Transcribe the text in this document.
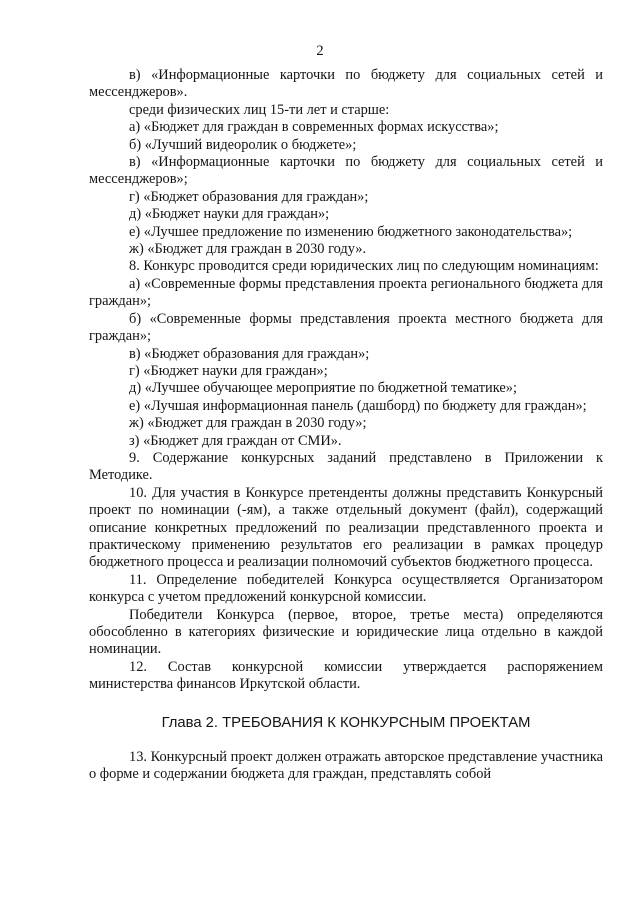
2

в) «Информационные карточки по бюджету для социальных сетей и мессенджеров».

среди физических лиц 15-ти лет и старше:

а) «Бюджет для граждан в современных формах искусства»;

б) «Лучший видеоролик о бюджете»;

в) «Информационные карточки по бюджету для социальных сетей и мессенджеров»;

г) «Бюджет образования для граждан»;

д) «Бюджет науки для граждан»;

е) «Лучшее предложение по изменению бюджетного законодательства»;

ж) «Бюджет для граждан в 2030 году».

8. Конкурс проводится среди юридических лиц по следующим номинациям:

а) «Современные формы представления проекта регионального бюджета для граждан»;

б) «Современные формы представления проекта местного бюджета для граждан»;

в) «Бюджет образования для граждан»;

г) «Бюджет науки для граждан»;

д) «Лучшее обучающее мероприятие по бюджетной тематике»;

е) «Лучшая информационная панель (дашборд) по бюджету для граждан»;

ж) «Бюджет для граждан в 2030 году»;

з) «Бюджет для граждан от СМИ».

9. Содержание конкурсных заданий представлено в Приложении к Методике.

10. Для участия в Конкурсе претенденты должны представить Конкурсный проект по номинации (-ям), а также отдельный документ (файл), содержащий описание конкретных предложений по реализации представленного проекта и практическому применению результатов его реализации в рамках процедур бюджетного процесса и реализации полномочий субъектов бюджетного процесса.

11. Определение победителей Конкурса осуществляется Организатором конкурса с учетом предложений конкурсной комиссии.

Победители Конкурса (первое, второе, третье места) определяются обособленно в категориях физические и юридические лица отдельно в каждой номинации.

12. Состав конкурсной комиссии утверждается распоряжением министерства финансов Иркутской области.

Глава 2. ТРЕБОВАНИЯ К КОНКУРСНЫМ ПРОЕКТАМ

13. Конкурсный проект должен отражать авторское представление участника о форме и содержании бюджета для граждан, представлять собой
